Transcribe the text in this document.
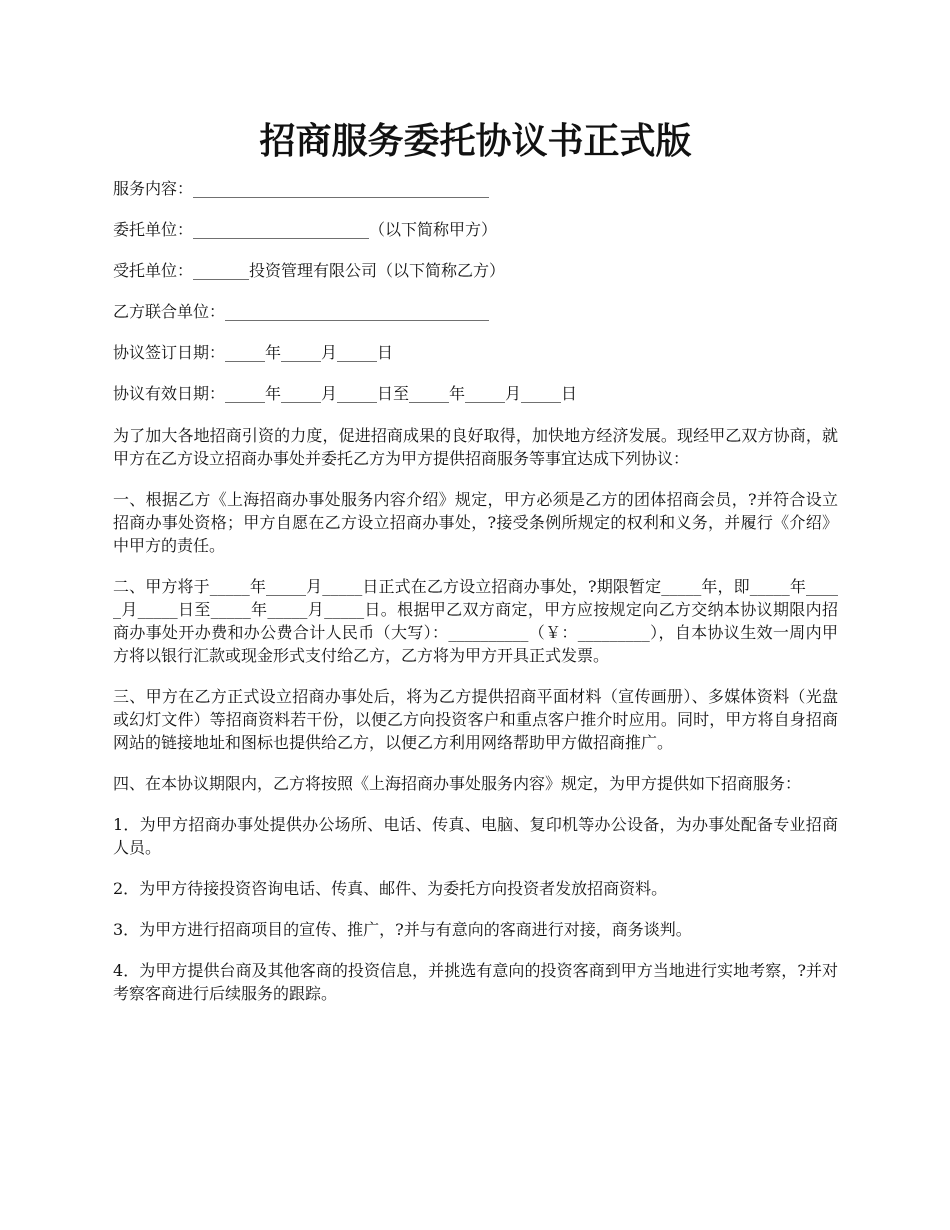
招商服务委托协议书正式版
服务内容：_____________________________________
委托单位：______________________（以下简称甲方）
受托单位：_______投资管理有限公司（以下简称乙方）
乙方联合单位：_________________________________
协议签订日期：_____年_____月_____日
协议有效日期：_____年_____月_____日至_____年_____月_____日

为了加大各地招商引资的力度，促进招商成果的良好取得，加快地方经济发展。现经甲乙双方协商，就甲方在乙方设立招商办事处并委托乙方为甲方提供招商服务等事宜达成下列协议：

一、根据乙方《上海招商办事处服务内容介绍》规定，甲方必须是乙方的团体招商会员，?并符合设立招商办事处资格；甲方自愿在乙方设立招商办事处，?接受条例所规定的权利和义务，并履行《介绍》中甲方的责任。

二、甲方将于_____年_____月_____日正式在乙方设立招商办事处，?期限暂定_____年，即_____年_____月_____日至_____年_____月_____日。根据甲乙双方商定，甲方应按规定向乙方交纳本协议期限内招商办事处开办费和办公费合计人民币（大写）：__________（￥：_________），自本协议生效一周内甲方将以银行汇款或现金形式支付给乙方，乙方将为甲方开具正式发票。

三、甲方在乙方正式设立招商办事处后，将为乙方提供招商平面材料（宣传画册）、多媒体资料（光盘或幻灯文件）等招商资料若干份，以便乙方向投资客户和重点客户推介时应用。同时，甲方将自身招商网站的链接地址和图标也提供给乙方，以便乙方利用网络帮助甲方做招商推广。

四、在本协议期限内，乙方将按照《上海招商办事处服务内容》规定，为甲方提供如下招商服务：

1．为甲方招商办事处提供办公场所、电话、传真、电脑、复印机等办公设备，为办事处配备专业招商人员。

2．为甲方待接投资咨询电话、传真、邮件、为委托方向投资者发放招商资料。

3．为甲方进行招商项目的宣传、推广，?并与有意向的客商进行对接，商务谈判。

4．为甲方提供台商及其他客商的投资信息，并挑选有意向的投资客商到甲方当地进行实地考察，?并对考察客商进行后续服务的跟踪。
